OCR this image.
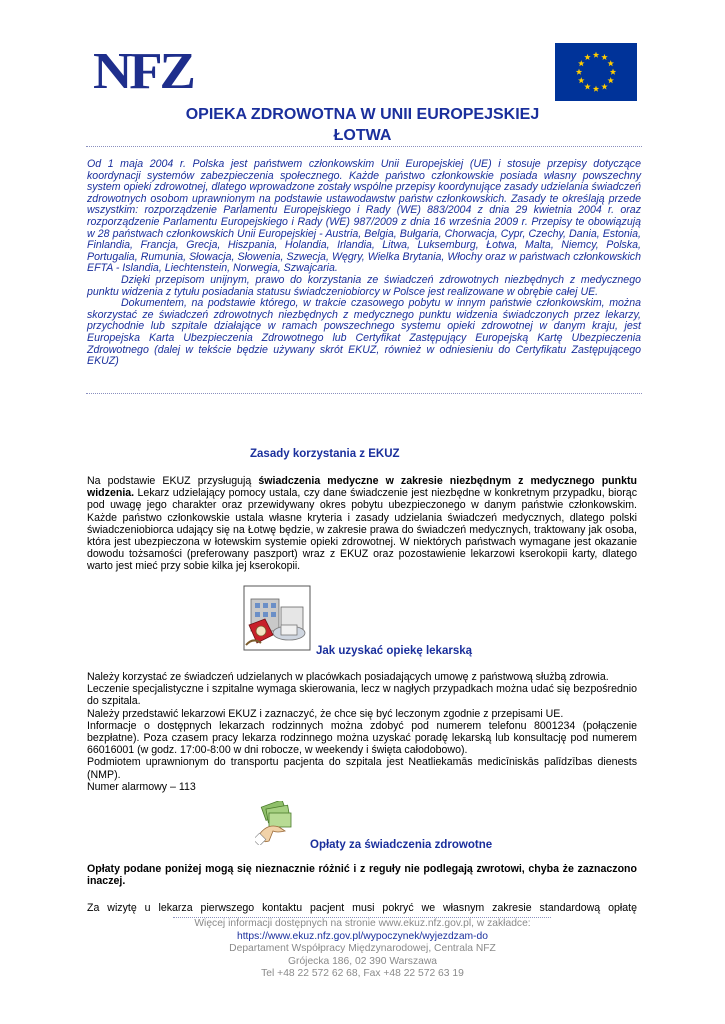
NFZ
OPIEKA ZDROWOTNA W UNII EUROPEJSKIEJ
ŁOTWA

Od 1 maja 2004 r. Polska jest państwem członkowskim Unii Europejskiej (UE) i stosuje przepisy dotyczące koordynacji systemów zabezpieczenia społecznego. Każde państwo członkowskie posiada własny powszechny system opieki zdrowotnej, dlatego wprowadzone zostały wspólne przepisy koordynujące zasady udzielania świadczeń zdrowotnych osobom uprawnionym na podstawie ustawodawstw państw członkowskich. Zasady te określają przede wszystkim: rozporządzenie Parlamentu Europejskiego i Rady (WE) 883/2004 z dnia 29 kwietnia 2004 r. oraz rozporządzenie Parlamentu Europejskiego i Rady (WE) 987/2009 z dnia 16 września 2009 r. Przepisy te obowiązują w 28 państwach członkowskich Unii Europejskiej - Austria, Belgia, Bułgaria, Chorwacja, Cypr, Czechy, Dania, Estonia, Finlandia, Francja, Grecja, Hiszpania, Holandia, Irlandia, Litwa, Luksemburg, Łotwa, Malta, Niemcy, Polska, Portugalia, Rumunia, Słowacja, Słowenia, Szwecja, Węgry, Wielka Brytania, Włochy oraz w państwach członkowskich EFTA - Islandia, Liechtenstein, Norwegia, Szwajcaria.

Dzięki przepisom unijnym, prawo do korzystania ze świadczeń zdrowotnych niezbędnych z medycznego punktu widzenia z tytułu posiadania statusu świadczeniobiorcy w Polsce jest realizowane w obrębie całej UE.

Dokumentem, na podstawie którego, w trakcie czasowego pobytu w innym państwie członkowskim, można skorzystać ze świadczeń zdrowotnych niezbędnych z medycznego punktu widzenia świadczonych przez lekarzy, przychodnie lub szpitale działające w ramach powszechnego systemu opieki zdrowotnej w danym kraju, jest Europejska Karta Ubezpieczenia Zdrowotnego lub Certyfikat Zastępujący Europejską Kartę Ubezpieczenia Zdrowotnego (dalej w tekście będzie używany skrót EKUZ, również w odniesieniu do Certyfikatu Zastępującego EKUZ)

Zasady korzystania z EKUZ

Na podstawie EKUZ przysługują świadczenia medyczne w zakresie niezbędnym z medycznego punktu widzenia. Lekarz udzielający pomocy ustala, czy dane świadczenie jest niezbędne w konkretnym przypadku, biorąc pod uwagę jego charakter oraz przewidywany okres pobytu ubezpieczonego w danym państwie członkowskim. Każde państwo członkowskie ustala własne kryteria i zasady udzielania świadczeń medycznych, dlatego polski świadczeniobiorca udający się na Łotwę będzie, w zakresie prawa do świadczeń medycznych, traktowany jak osoba, która jest ubezpieczona w łotewskim systemie opieki zdrowotnej. W niektórych państwach wymagane jest okazanie dowodu tożsamości (preferowany paszport) wraz z EKUZ oraz pozostawienie lekarzowi kserokopii karty, dlatego warto jest mieć przy sobie kilka jej kserokopii.

Jak uzyskać opiekę lekarską

Należy korzystać ze świadczeń udzielanych w placówkach posiadających umowę z państwową służbą zdrowia.

Leczenie specjalistyczne i szpitalne wymaga skierowania, lecz w nagłych przypadkach można udać się bezpośrednio do szpitala.

Należy przedstawić lekarzowi EKUZ i zaznaczyć, że chce się być leczonym zgodnie z przepisami UE.

Informacje o dostępnych lekarzach rodzinnych można zdobyć pod numerem telefonu 8001234 (połączenie bezpłatne). Poza czasem pracy lekarza rodzinnego można uzyskać poradę lekarską lub konsultację pod numerem 66016001 (w godz. 17:00-8:00 w dni robocze, w weekendy i święta całodobowo).

Podmiotem uprawnionym do transportu pacjenta do szpitala jest Neatliekamās medicīniskās palīdzības dienests (NMP).

Numer alarmowy – 113

Opłaty za świadczenia zdrowotne
Opłaty podane poniżej mogą się nieznacznie różnić i z reguły nie podlegają zwrotowi, chyba że zaznaczono inaczej.
Za wizytę u lekarza pierwszego kontaktu pacjent musi pokryć we własnym zakresie standardową opłatę
Więcej informacji dostępnych na stronie www.ekuz.nfz.gov.pl, w zakładce:
https://www.ekuz.nfz.gov.pl/wypoczynek/wyjezdzam-do
Departament Współpracy Międzynarodowej, Centrala NFZ
Grójecka 186, 02 390 Warszawa
Tel +48 22 572 62 68, Fax +48 22 572 63 19
